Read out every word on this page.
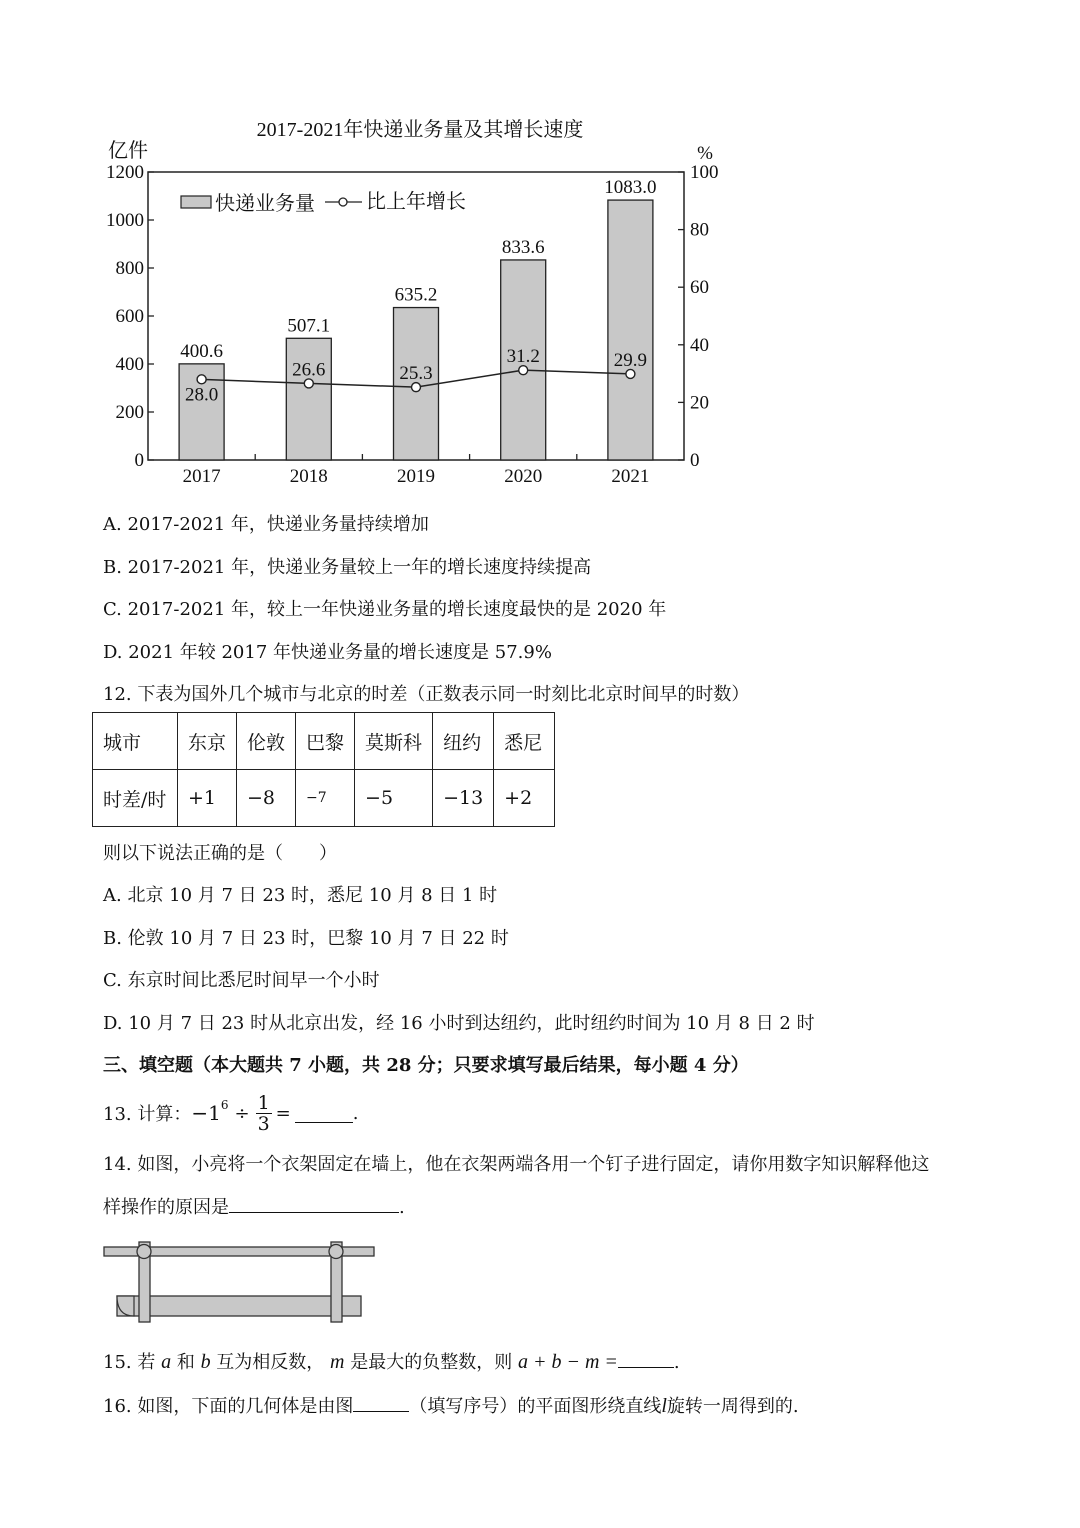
2017-2021年快递业务量及其增长速度
亿件	%
0
200
400
600
800
1000
1200
0
20
40
60
80
100
2017
400.6
2018
507.1
2019
635.2
2020
833.6
2021
1083.0
28.0
26.6	25.3
31.2	29.9
快递业务量	比上年增长
A. 2017-2021 年，快递业务量持续增加
B. 2017-2021 年，快递业务量较上一年的增长速度持续提高
C. 2017-2021 年，较上一年快递业务量的增长速度最快的是 2020 年
D. 2021 年较 2017 年快递业务量的增长速度是 57.9%
12. 下表为国外几个城市与北京的时差（正数表示同一时刻比北京时间早的时数）
城市	东京	伦敦	巴黎	莫斯科	纽约	悉尼
时差/时	+1	−8	−7	−5	−13	+2
则以下说法正确的是（　　）
A. 北京 10 月 7 日 23 时，悉尼 10 月 8 日 1 时
B. 伦敦 10 月 7 日 23 时，巴黎 10 月 7 日 22 时
C. 东京时间比悉尼时间早一个小时
D. 10 月 7 日 23 时从北京出发，经 16 小时到达纽约，此时纽约时间为 10 月 8 日 2 时
三、填空题（本大题共 7 小题，共 28 分；只要求填写最后结果，每小题 4 分）
13. 计算： $-1^6 \div \frac{1}{3}$ =	.
14. 如图，小亮将一个衣架固定在墙上，他在衣架两端各用一个钉子进行固定，请你用数字知识解释他这
样操作的原因是	.
15. 若 a 和 b 互为相反数， m 是最大的负整数，则 a + b − m =	.
16. 如图，下面的几何体是由图	（填写序号）的平面图形绕直线l旋转一周得到的.
